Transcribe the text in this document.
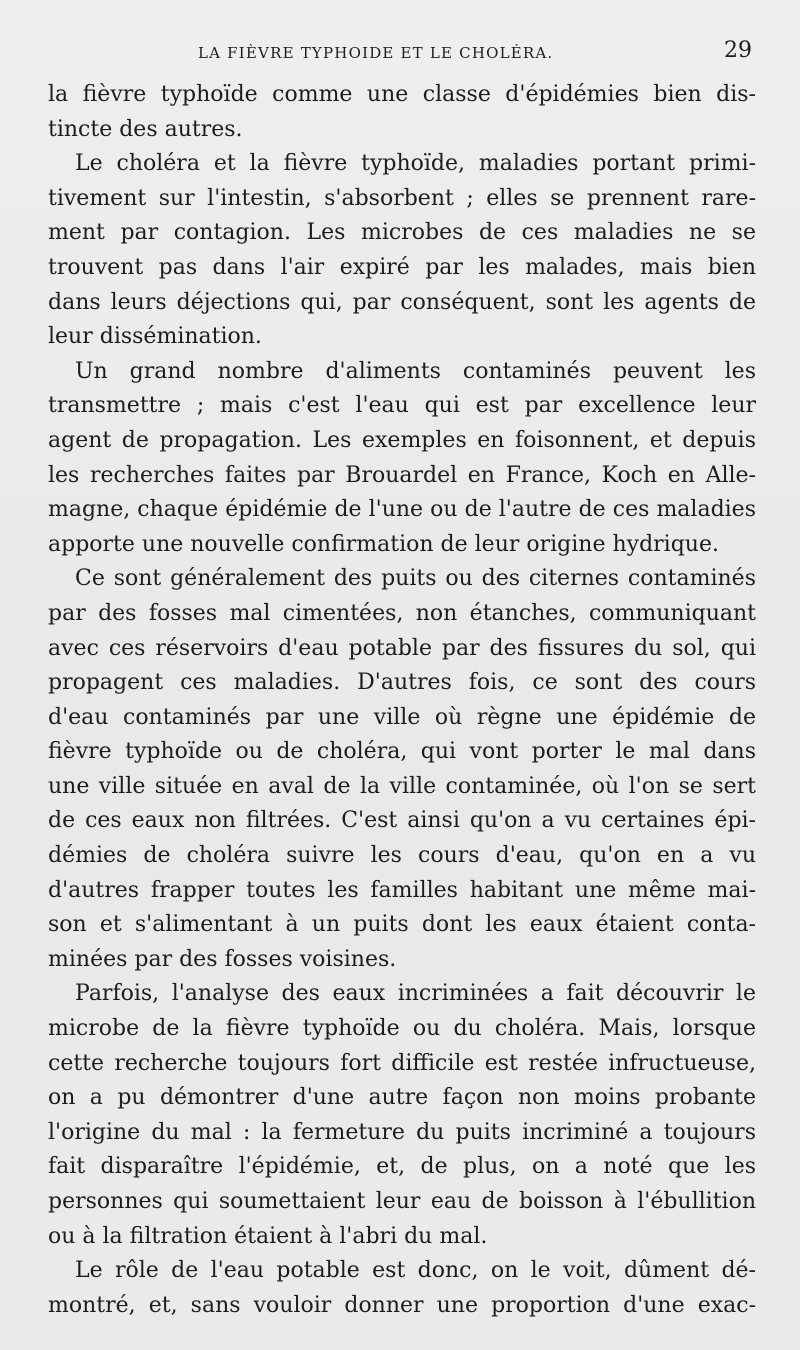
LA FIÈVRE TYPHOIDE ET LE CHOLÉRA.	29
la fièvre typhoïde comme une classe d'épidémies bien dis-
tincte des autres.
Le choléra et la fièvre typhoïde, maladies portant primi-
tivement sur l'intestin, s'absorbent ; elles se prennent rare-
ment par contagion. Les microbes de ces maladies ne se
trouvent pas dans l'air expiré par les malades, mais bien
dans leurs déjections qui, par conséquent, sont les agents de
leur dissémination.
Un grand nombre d'aliments contaminés peuvent les
transmettre ; mais c'est l'eau qui est par excellence leur
agent de propagation. Les exemples en foisonnent, et depuis
les recherches faites par Brouardel en France, Koch en Alle-
magne, chaque épidémie de l'une ou de l'autre de ces maladies
apporte une nouvelle confirmation de leur origine hydrique.
Ce sont généralement des puits ou des citernes contaminés
par des fosses mal cimentées, non étanches, communiquant
avec ces réservoirs d'eau potable par des fissures du sol, qui
propagent ces maladies. D'autres fois, ce sont des cours
d'eau contaminés par une ville où règne une épidémie de
fièvre typhoïde ou de choléra, qui vont porter le mal dans
une ville située en aval de la ville contaminée, où l'on se sert
de ces eaux non filtrées. C'est ainsi qu'on a vu certaines épi-
démies de choléra suivre les cours d'eau, qu'on en a vu
d'autres frapper toutes les familles habitant une même mai-
son et s'alimentant à un puits dont les eaux étaient conta-
minées par des fosses voisines.
Parfois, l'analyse des eaux incriminées a fait découvrir le
microbe de la fièvre typhoïde ou du choléra. Mais, lorsque
cette recherche toujours fort difficile est restée infructueuse,
on a pu démontrer d'une autre façon non moins probante
l'origine du mal : la fermeture du puits incriminé a toujours
fait disparaître l'épidémie, et, de plus, on a noté que les
personnes qui soumettaient leur eau de boisson à l'ébullition
ou à la filtration étaient à l'abri du mal.
Le rôle de l'eau potable est donc, on le voit, dûment dé-
montré, et, sans vouloir donner une proportion d'une exac-
